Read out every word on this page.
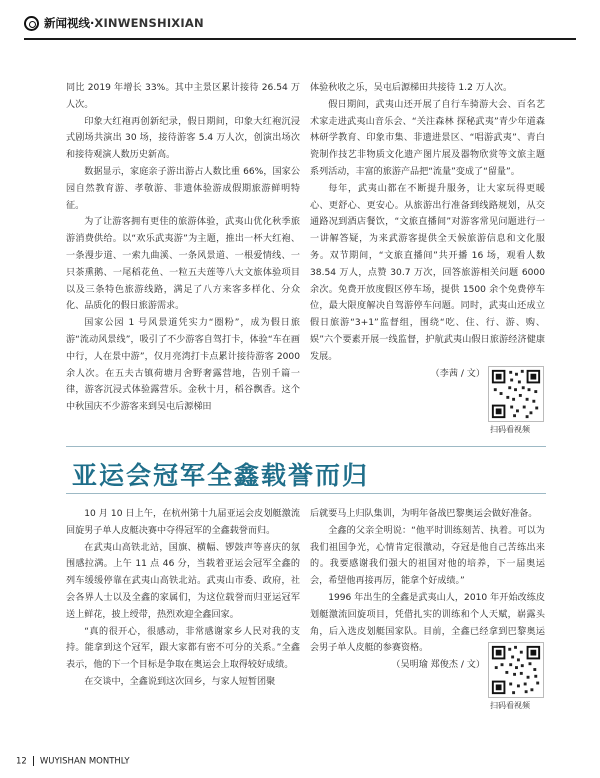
新闻视线·XINWENSHIXIAN

同比 2019 年增长 33%。其中主景区累计接待 26.54 万人次。

印象大红袍再创新纪录，假日期间，印象大红袍沉浸式剧场共演出 30 场，接待游客 5.4 万人次，创演出场次和接待观演人数历史新高。

数据显示，家庭亲子游出游占人数比重 66%，国家公园自然教育游、孝敬游、非遗体验游成假期旅游鲜明特征。

为了让游客拥有更佳的旅游体验，武夷山优化秋季旅游消费供给。以“欢乐武夷游”为主题，推出一杯大红袍、一条漫步道、一索九曲溪、一条风景道、一根爱情线、一只茶熏鹅、一尾稻花鱼、一粒五夫莲等八大文旅体验项目以及三条特色旅游线路，满足了八方来客多样化、分众化、品质化的假日旅游需求。

国家公园 1 号风景道凭实力“圈粉”，成为假日旅游“流动风景线”，吸引了不少游客自驾打卡，体验“车在画中行，人在景中游”，仅月亮湾打卡点累计接待游客 2000 余人次。在五夫古镇荷塘月舍野奢露营地，告别千篇一律，游客沉浸式体验露营乐。金秋十月，稻谷飘香。这个中秋国庆不少游客来到吴屯后源梯田

体验秋收之乐，吴屯后源梯田共接待 1.2 万人次。

假日期间，武夷山还开展了自行车骑游大会、百名艺术家走进武夷山音乐会、“关注森林 探秘武夷”青少年道森林研学教育、印象市集、非遗进景区、“唱游武夷”、青白瓷制作技艺非物质文化遗产图片展及器物欣赏等文旅主题系列活动，丰富的旅游产品把“流量”变成了“留量”。

每年，武夷山都在不断提升服务，让大家玩得更暖心、更舒心、更安心。从旅游出行准备到线路规划，从交通路况到酒店餐饮，“文旅直播间”对游客常见问题进行一一讲解答疑，为来武游客提供全天候旅游信息和文化服务。双节期间，“文旅直播间”共开播 16 场，观看人数 38.54 万人，点赞 30.7 万次，回答旅游相关问题 6000 余次。免费开放度假区停车场，提供 1500 余个免费停车位，最大限度解决自驾游停车问题。同时，武夷山还成立假日旅游“3+1”监督组，围绕“吃、住、行、游、购、娱”六个要素开展一线监督，护航武夷山假日旅游经济健康发展。

（李茜 / 文）

扫码看视频
亚运会冠军全鑫载誉而归

10 月 10 日上午，在杭州第十九届亚运会皮划艇激流回旋男子单人皮艇决赛中夺得冠军的全鑫载誉而归。

在武夷山高铁北站，国旗、横幅、锣鼓声等喜庆的氛围感拉满。上午 11 点 46 分，当载着亚运会冠军全鑫的列车缓缓停靠在武夷山高铁北站。武夷山市委、政府，社会各界人士以及全鑫的家属们，为这位载誉而归亚运冠军送上鲜花，披上绶带，热烈欢迎全鑫回家。

“真的很开心，很感动，非常感谢家乡人民对我的支持。能拿到这个冠军，跟大家都有密不可分的关系。”全鑫表示，他的下一个目标是争取在奥运会上取得较好成绩。

在交谈中，全鑫说到这次回乡，与家人短暂团聚

后就要马上归队集训，为明年备战巴黎奥运会做好准备。

全鑫的父亲全明说：“他平时训练刻苦、执着。可以为我们祖国争光，心情肯定很激动，夺冠是他自己苦练出来的。我要感谢我们强大的祖国对他的培养，下一届奥运会，希望他再接再厉，能拿个好成绩。”

1996 年出生的全鑫是武夷山人，2010 年开始改练皮划艇激流回旋项目，凭借扎实的训练和个人天赋，崭露头角，后入选皮划艇国家队。目前，全鑫已经拿到巴黎奥运会男子单人皮艇的参赛资格。

（吴明瑜 郑俊杰 / 文）

扫码看视频
12 WUYISHAN MONTHLY
